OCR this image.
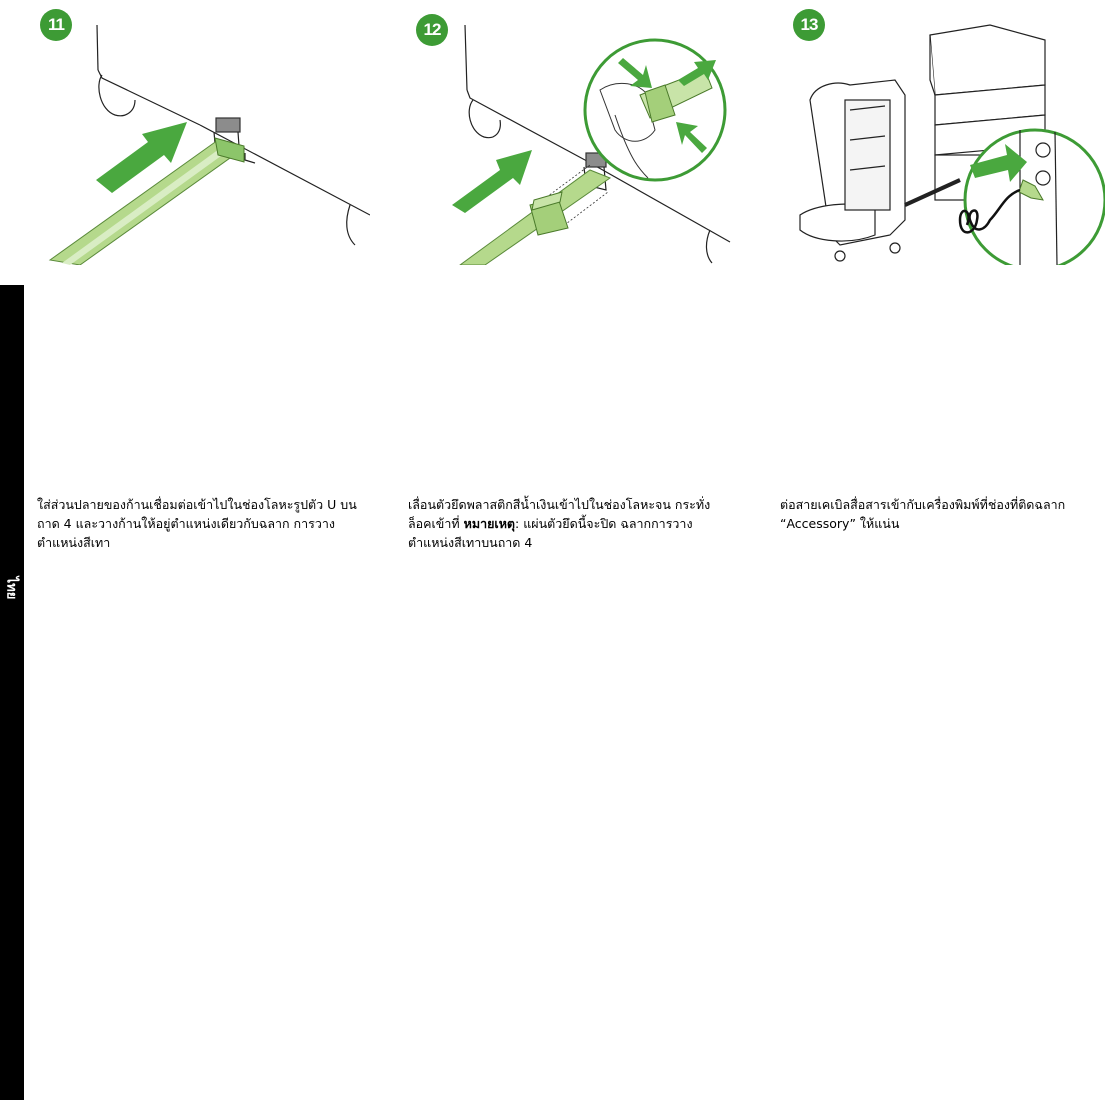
ไทย
11	12	13
ใส่ส่วนปลายของก้านเชื่อมต่อเข้าไปในช่องโลหะรูปตัว U บนถาด 4 และวางก้านให้อยู่ตำแหน่งเดียวกับฉลาก การวางตำแหน่งสีเทา
เลื่อนตัวยึดพลาสติกสีน้ำเงินเข้าไปในช่องโลหะจน กระทั่งล็อคเข้าที่ หมายเหตุ: แผ่นตัวยึดนี้จะปิด ฉลากการวางตำแหน่งสีเทาบนถาด 4
ต่อสายเคเบิลสื่อสารเข้ากับเครื่องพิมพ์ที่ช่องที่ติดฉลาก “Accessory” ให้แน่น
